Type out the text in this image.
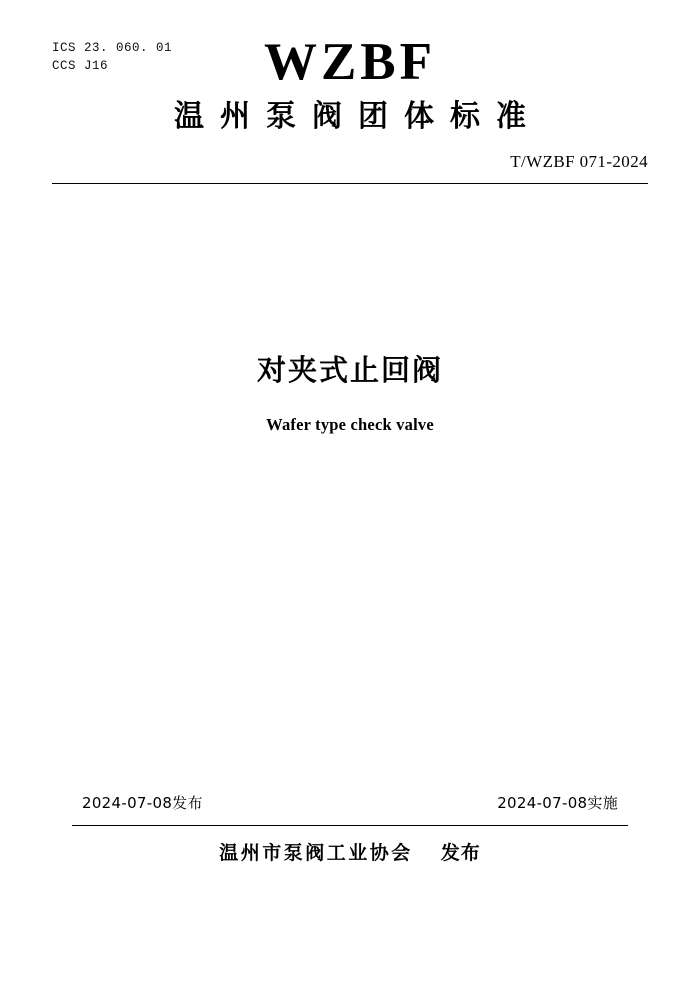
ICS 23. 060. 01
CCS J16	WZBF
温州泵阀团体标准
T/WZBF 071-2024
对夹式止回阀
Wafer type check valve
2024-07-08发布	2024-07-08实施
温州市泵阀工业协会 发布
